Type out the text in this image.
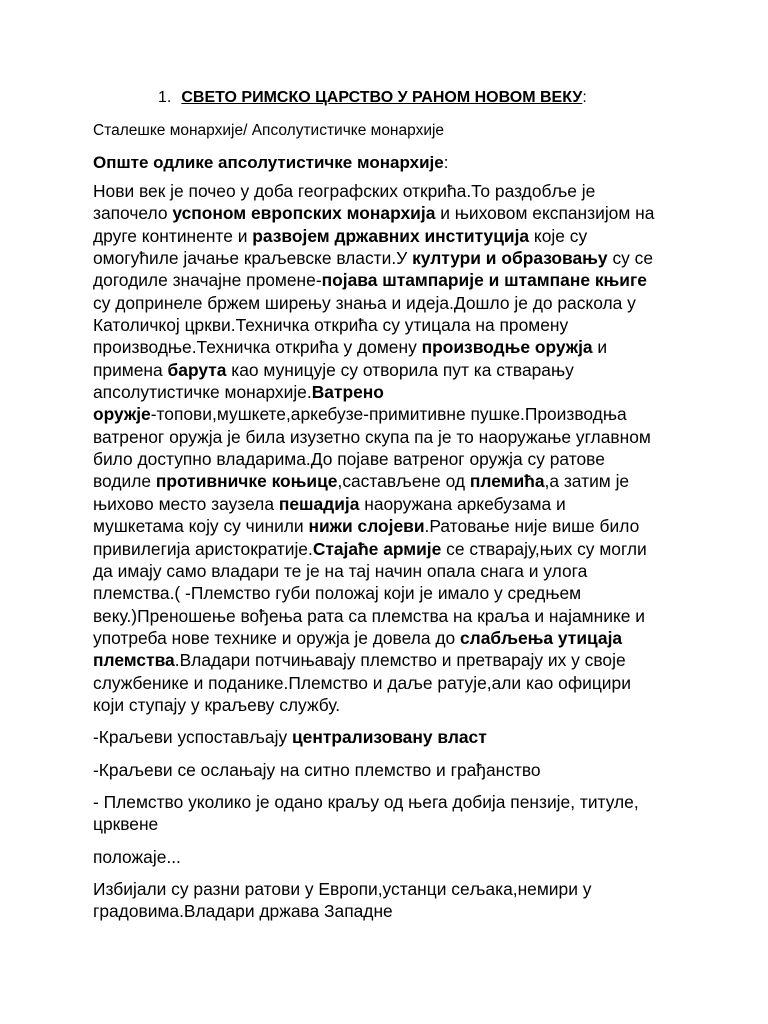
1. СВЕТО РИМСКО ЦАРСТВО У РАНОМ НОВОМ ВЕКУ:
Сталешке монархије/ Апсолутистичке монархије
Опште одлике апсолутистичке монархије:
Нови век је почео у доба географских открића.То раздобље је
започело успоном европских монархија и њиховом експанзијом на
друге континенте и развојем државних институција које су
омогућиле јачање краљевске власти.У култури и образовању су се
догодиле значајне промене-појава штампарије и штампане књиге
су допринеле бржем ширењу знања и идеја.Дошло је до раскола у
Католичкој цркви.Техничка открића су утицала на промену
производње.Техничка открића у домену производње оружја и
примена барута као муницује су отворила пут ка стварању
апсолутистичке монархије.Ватрено
оружје-топови,мушкете,аркебузе-примитивне пушке.Производња
ватреног оружја је била изузетно скупа па је то наоружање углавном
било доступно владарима.До појаве ватреног оружја су ратове
водиле противничке коњице,састављене од племића,а затим је
њихово место заузела пешадија наоружана аркебузама и
мушкетама коју су чинили нижи слојеви.Ратовање није више било
привилегија аристократије.Стајаће армије се стварају,њих су могли
да имају само владари те је на тај начин опала снага и улога
племства.( -Племство губи положај који је имало у средњем
веку.)Преношење вођења рата са племства на краља и најамнике и
употреба нове технике и оружја је довела до слабљења утицаја
племства.Владари потчињавају племство и претварају их у своје
службенике и поданике.Племство и даље ратује,али као официри
који ступају у краљеву службу.
-Краљеви успостављају централизовану власт
-Краљеви се ослањају на ситно племство и грађанство
- Племство уколико је одано краљу од њега добија пензије, титуле,
црквене
положаје...
Избијали су разни ратови у Европи,устанци сељака,немири у
градовима.Владари држава Западне
